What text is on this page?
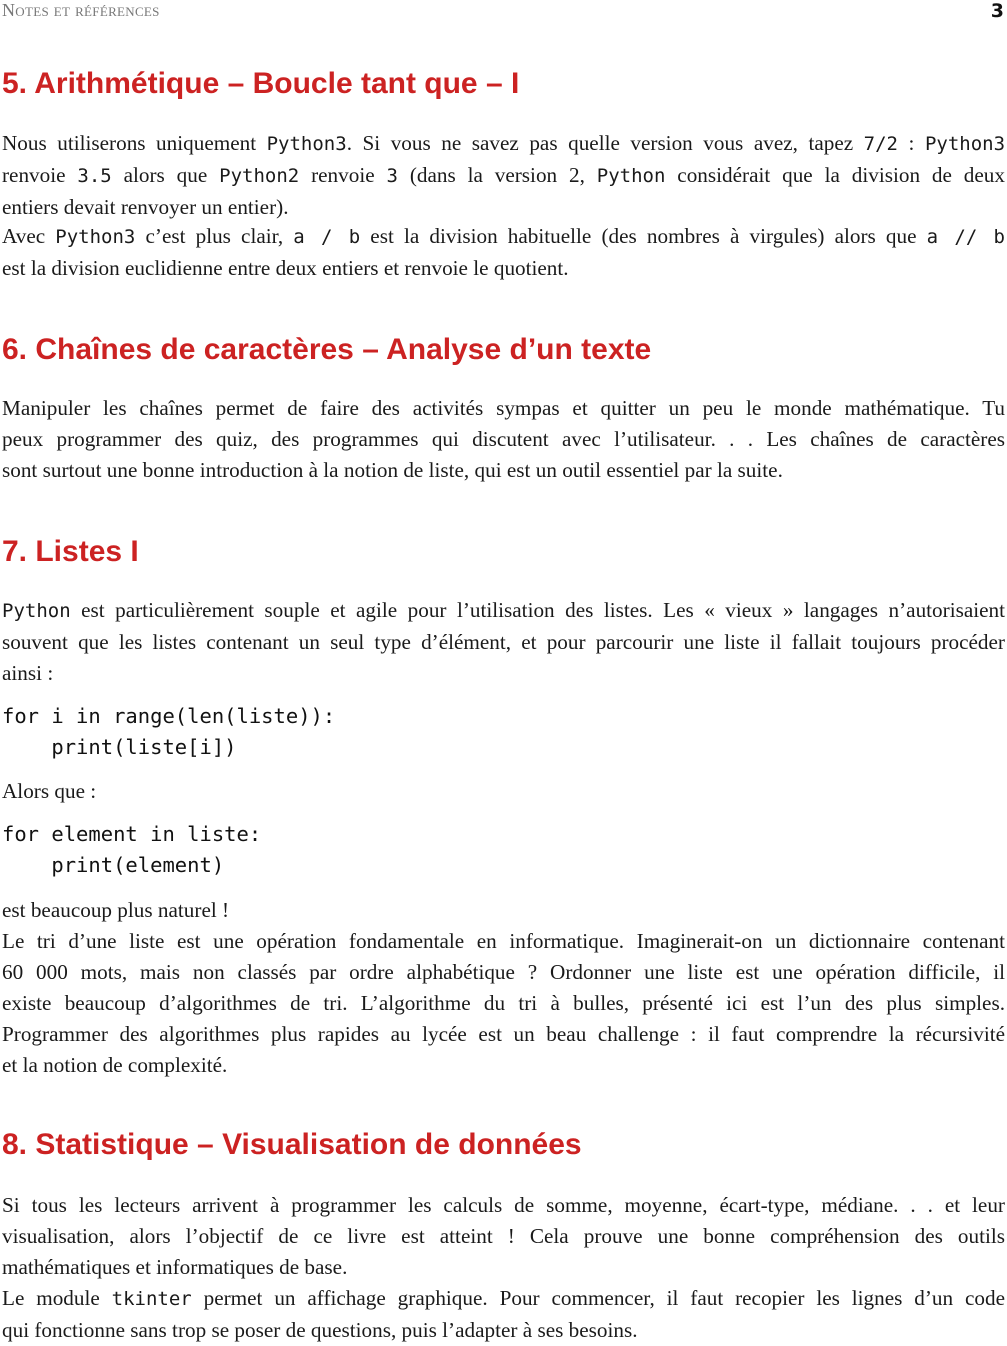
Notes et références	3
5. Arithmétique – Boucle tant que – I
Nous utiliserons uniquement Python3. Si vous ne savez pas quelle version vous avez, tapez 7/2 : Python3
renvoie 3.5 alors que Python2 renvoie 3 (dans la version 2, Python considérait que la division de deux
entiers devait renvoyer un entier).
Avec Python3 c’est plus clair, a / b est la division habituelle (des nombres à virgules) alors que a // b
est la division euclidienne entre deux entiers et renvoie le quotient.
6. Chaînes de caractères – Analyse d’un texte
Manipuler les chaînes permet de faire des activités sympas et quitter un peu le monde mathématique. Tu
peux programmer des quiz, des programmes qui discutent avec l’utilisateur. . . Les chaînes de caractères
sont surtout une bonne introduction à la notion de liste, qui est un outil essentiel par la suite.
7. Listes I
Python est particulièrement souple et agile pour l’utilisation des listes. Les « vieux » langages n’autorisaient
souvent que les listes contenant un seul type d’élément, et pour parcourir une liste il fallait toujours procéder
ainsi :
for i in range(len(liste)):
print(liste[i])
Alors que :
for element in liste:
print(element)
est beaucoup plus naturel !
Le tri d’une liste est une opération fondamentale en informatique. Imaginerait-on un dictionnaire contenant
60 000 mots, mais non classés par ordre alphabétique ? Ordonner une liste est une opération difficile, il
existe beaucoup d’algorithmes de tri. L’algorithme du tri à bulles, présenté ici est l’un des plus simples.
Programmer des algorithmes plus rapides au lycée est un beau challenge : il faut comprendre la récursivité
et la notion de complexité.
8. Statistique – Visualisation de données
Si tous les lecteurs arrivent à programmer les calculs de somme, moyenne, écart-type, médiane. . . et leur
visualisation, alors l’objectif de ce livre est atteint ! Cela prouve une bonne compréhension des outils
mathématiques et informatiques de base.
Le module tkinter permet un affichage graphique. Pour commencer, il faut recopier les lignes d’un code
qui fonctionne sans trop se poser de questions, puis l’adapter à ses besoins.
